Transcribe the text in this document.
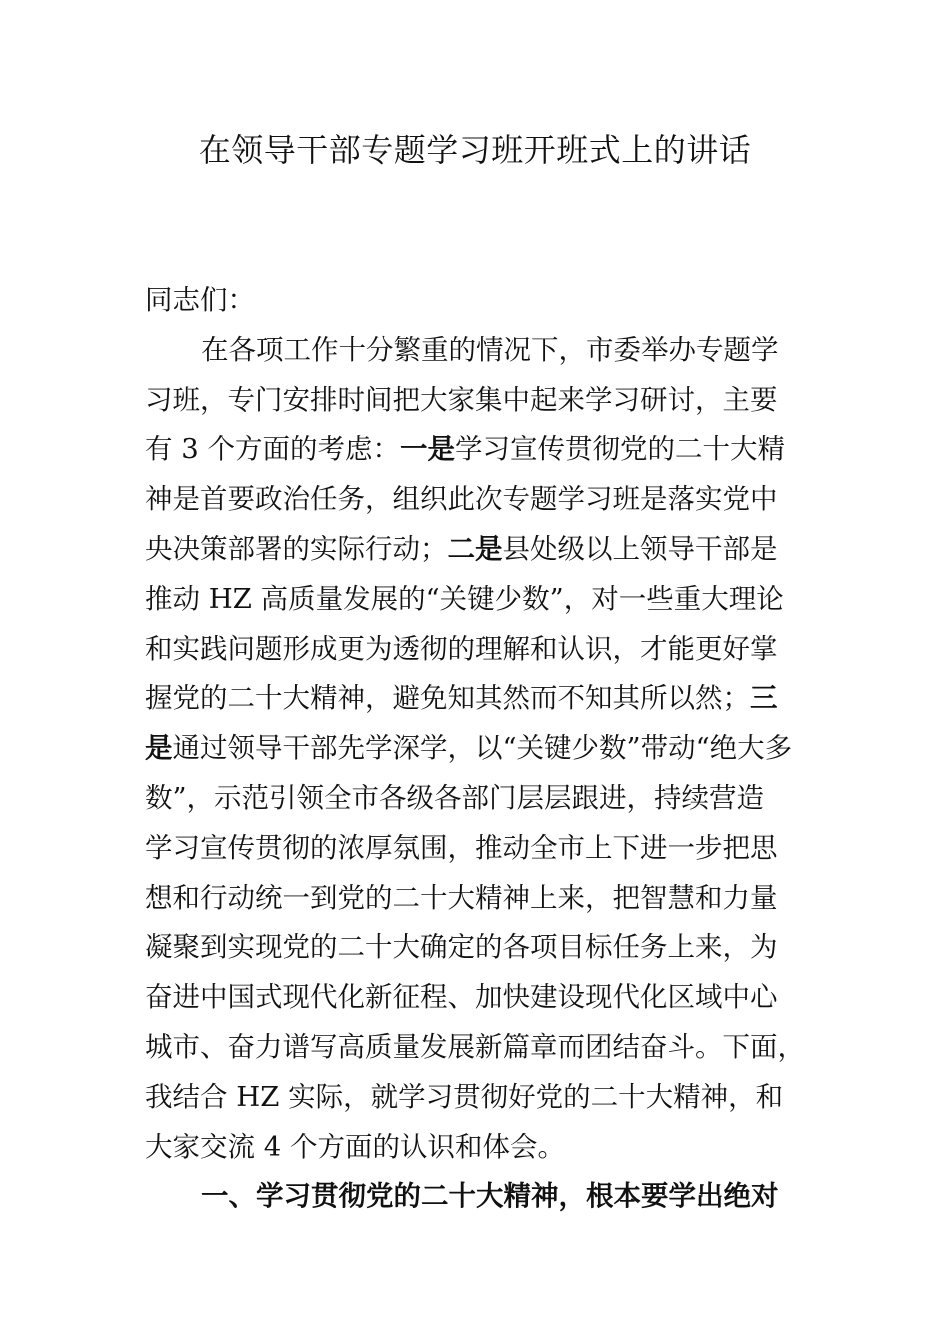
在领导干部专题学习班开班式上的讲话
同志们：
在各项工作十分繁重的情况下，市委举办专题学
习班，专门安排时间把大家集中起来学习研讨，主要
有 3 个方面的考虑：一是学习宣传贯彻党的二十大精
神是首要政治任务，组织此次专题学习班是落实党中
央决策部署的实际行动；二是县处级以上领导干部是
推动 HZ 高质量发展的“关键少数”，对一些重大理论
和实践问题形成更为透彻的理解和认识，才能更好掌
握党的二十大精神，避免知其然而不知其所以然；三
是通过领导干部先学深学，以“关键少数”带动“绝大多
数”，示范引领全市各级各部门层层跟进，持续营造
学习宣传贯彻的浓厚氛围，推动全市上下进一步把思
想和行动统一到党的二十大精神上来，把智慧和力量
凝聚到实现党的二十大确定的各项目标任务上来，为
奋进中国式现代化新征程、加快建设现代化区域中心
城市、奋力谱写高质量发展新篇章而团结奋斗。下面，
我结合 HZ 实际，就学习贯彻好党的二十大精神，和
大家交流 4 个方面的认识和体会。
一、学习贯彻党的二十大精神，根本要学出绝对
